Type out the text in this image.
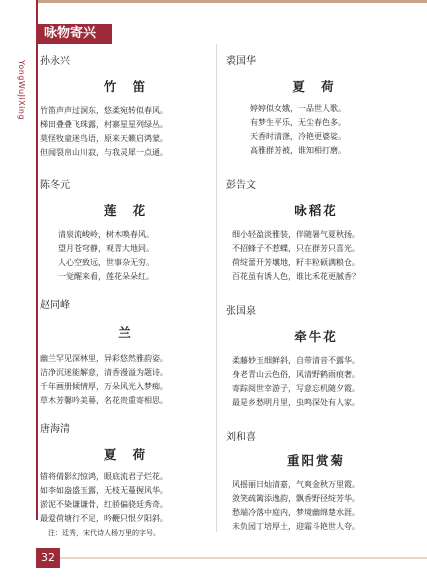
咏物寄兴
YongWuJiXing 孙永兴
竹 笛
竹笛声声过洞东，悠柔宛转似春风。
梯田叠叠飞珠露，村寨星星列绿丛。
莫怪牧童迷鸟语，原来天籁启鸿蒙。
但闻裂帛山川寂，与我灵犀一点通。
陈冬元
莲 花
清泉流峻岭，树木唤春风。
望月苍穹静，观青大地同。
人心空致远，世事杂无穷。
一觉醒来看，莲花朵朵红。
赵同峰
兰
幽兰罕见深林里，异彩悠然雅韵姿。
洁净沉迷能解意，清香漫溢为题诗。
千年画册倾情厚，万朵风光入梦痴。
草木芳馨吟美幕，名花贵重寄相思。
唐海清
夏 荷
错将倩影幻惊鸿，眼底流君子烂花。
如李如盎盛玉露，无枝无蔓握风华。
淤泥不染谦谦骨，红骄偏骁廷秀奇。
最爱荷塘行不足，吟鞭只恨夕阳斜。
注：廷秀，宋代诗人杨万里的字号。
裘国华
夏 荷
婷婷似女娥，一品世人歌。
有梦生平乐，无尘春色多。
天香时清涤，冷艳更婆娑。
高雅群芳被，谁知相打磨。
彭告文
咏稻花
细小轻盈淡雅装，伴随暑气夏秋扬。
不招蜂子不惹蝶，只在群芳只喜光。
荷绽蕾开芳壤地，籽丰粒硕满粮仓。
百花虽有诱人色，谁比禾花更腻香？
张国泉
牵牛花
柔藤妙玉细鲜斜，自带清音不露华。
身老青山云色俗，风清野鹤雨痕奢。
寄踪阅世幸游子，写意忘机随夕霞。
最是乡愁明月里，虫鸣深处有人家。
刘和喜
重阳赏菊
风摇丽日灿清嘉，气爽金秋万里霞。
敛笑疏篱添逸韵，飘香野径绽芳华。
愁端冷落中庭内，梦境幽绵楚水涯。
未负园丁培厚土，迎霜斗艳世人夸。
32
